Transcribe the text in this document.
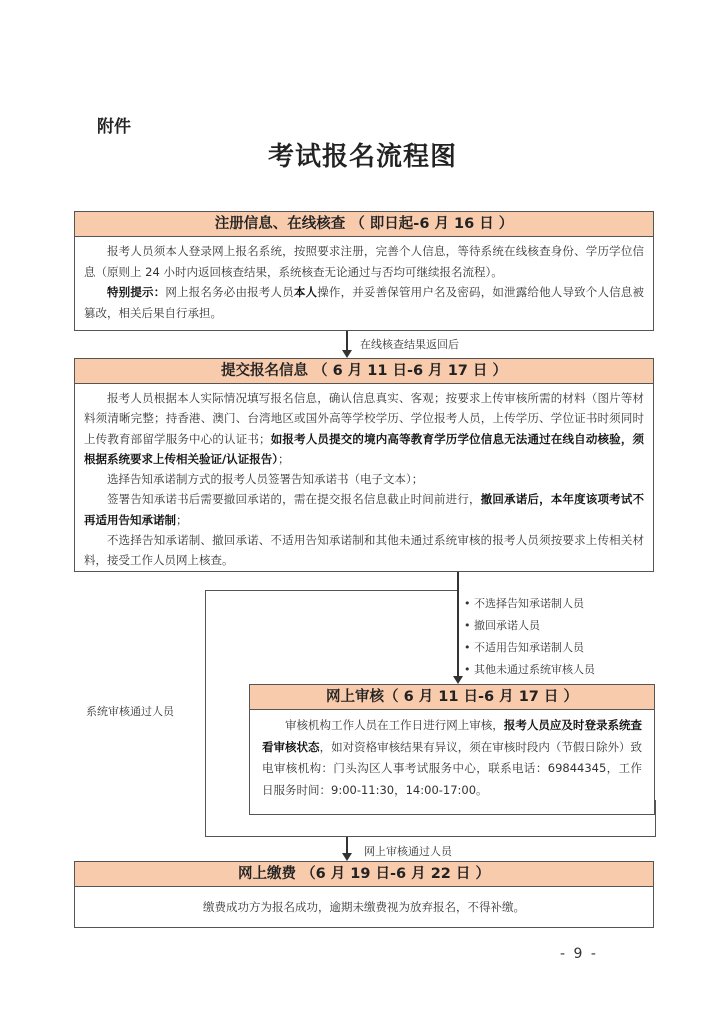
附件
考试报名流程图
注册信息、在线核查 （ 即日起-6 月 16 日 ）

报考人员须本人登录网上报名系统，按照要求注册，完善个人信息，等待系统在线核查身份、学历学位信息（原则上 24 小时内返回核查结果，系统核查无论通过与否均可继续报名流程）。

特别提示：网上报名务必由报考人员本人操作，并妥善保管用户名及密码，如泄露给他人导致个人信息被篡改，相关后果自行承担。

在线核查结果返回后
提交报名信息 （ 6 月 11 日-6 月 17 日 ）

报考人员根据本人实际情况填写报名信息，确认信息真实、客观；按要求上传审核所需的材料（图片等材料须清晰完整；持香港、澳门、台湾地区或国外高等学校学历、学位报考人员，上传学历、学位证书时须同时上传教育部留学服务中心的认证书；如报考人员提交的境内高等教育学历学位信息无法通过在线自动核验，须根据系统要求上传相关验证/认证报告）；

选择告知承诺制方式的报考人员签署告知承诺书（电子文本）；

签署告知承诺书后需要撤回承诺的，需在提交报名信息截止时间前进行，撤回承诺后，本年度该项考试不再适用告知承诺制；

不选择告知承诺制、撤回承诺、不适用告知承诺制和其他未通过系统审核的报考人员须按要求上传相关材料，接受工作人员网上核查。

系统审核通过人员
• 不选择告知承诺制人员
• 撤回承诺人员
• 不适用告知承诺制人员
• 其他未通过系统审核人员
网上审核（ 6 月 11 日-6 月 17 日 ）

审核机构工作人员在工作日进行网上审核，报考人员应及时登录系统查看审核状态，如对资格审核结果有异议，须在审核时段内（节假日除外）致电审核机构：门头沟区人事考试服务中心，联系电话：69844345，工作日服务时间：9:00-11:30，14:00-17:00。

网上审核通过人员
网上缴费 （6 月 19 日-6 月 22 日 ）
缴费成功方为报名成功，逾期未缴费视为放弃报名，不得补缴。
- 9 -
